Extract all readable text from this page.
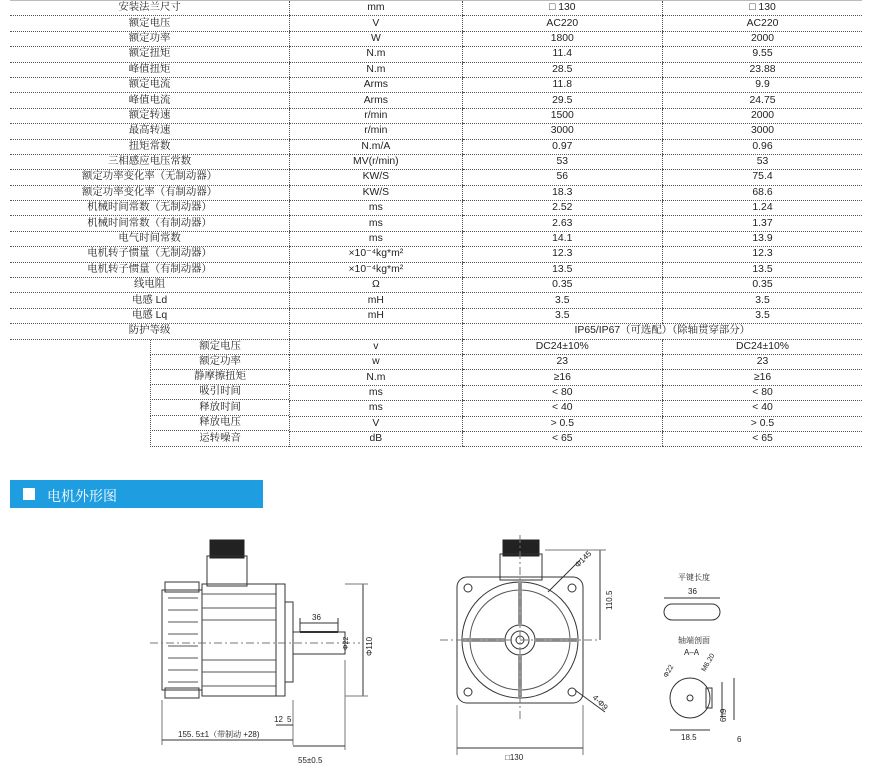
安装法兰尺寸	mm	□ 130	□ 130
额定电压	V	AC220	AC220
额定功率	W	1800	2000
额定扭矩	N.m	11.4	9.55
峰值扭矩	N.m	28.5	23.88
额定电流	Arms	11.8	9.9
峰值电流	Arms	29.5	24.75
额定转速	r/min	1500	2000
最高转速	r/min	3000	3000
扭矩常数	N.m/A	0.97	0.96
三相感应电压常数	MV(r/min)	53	53
额定功率变化率（无制动器）	KW/S	56	75.4
额定功率变化率（有制动器）	KW/S	18.3	68.6
机械时间常数（无制动器）	ms	2.52	1.24
机械时间常数（有制动器）	ms	2.63	1.37
电气时间常数	ms	14.1	13.9
电机转子惯量（无制动器）	×10⁻⁴kg*m²	12.3	12.3
电机转子惯量（有制动器）	×10⁻⁴kg*m²	13.5	13.5
线电阻	Ω	0.35	0.35
电感 Ld	mH	3.5	3.5
电感 Lq	mH	3.5	3.5
防护等级		IP65/IP67（可选配）（除轴贯穿部分）	

额定电压	v	DC24±10%	DC24±10%

额定功率	w	23	23

静摩擦扭矩	N.m	≥16	≥16

吸引时间	ms	< 80	< 80

释放时间	ms	< 40	< 40

释放电压	V	> 0.5	> 0.5

运转噪音	dB	< 65	< 65
电机外形图
155. 5±1（带制动 +28)
55±0.5
36
12 5
Φ22 Φ110
□130
110.5
Φ145
4-Φ9
平键长度
36
轴端剖面
A–A
Φ22	M6.20
18.5
6h9
6
